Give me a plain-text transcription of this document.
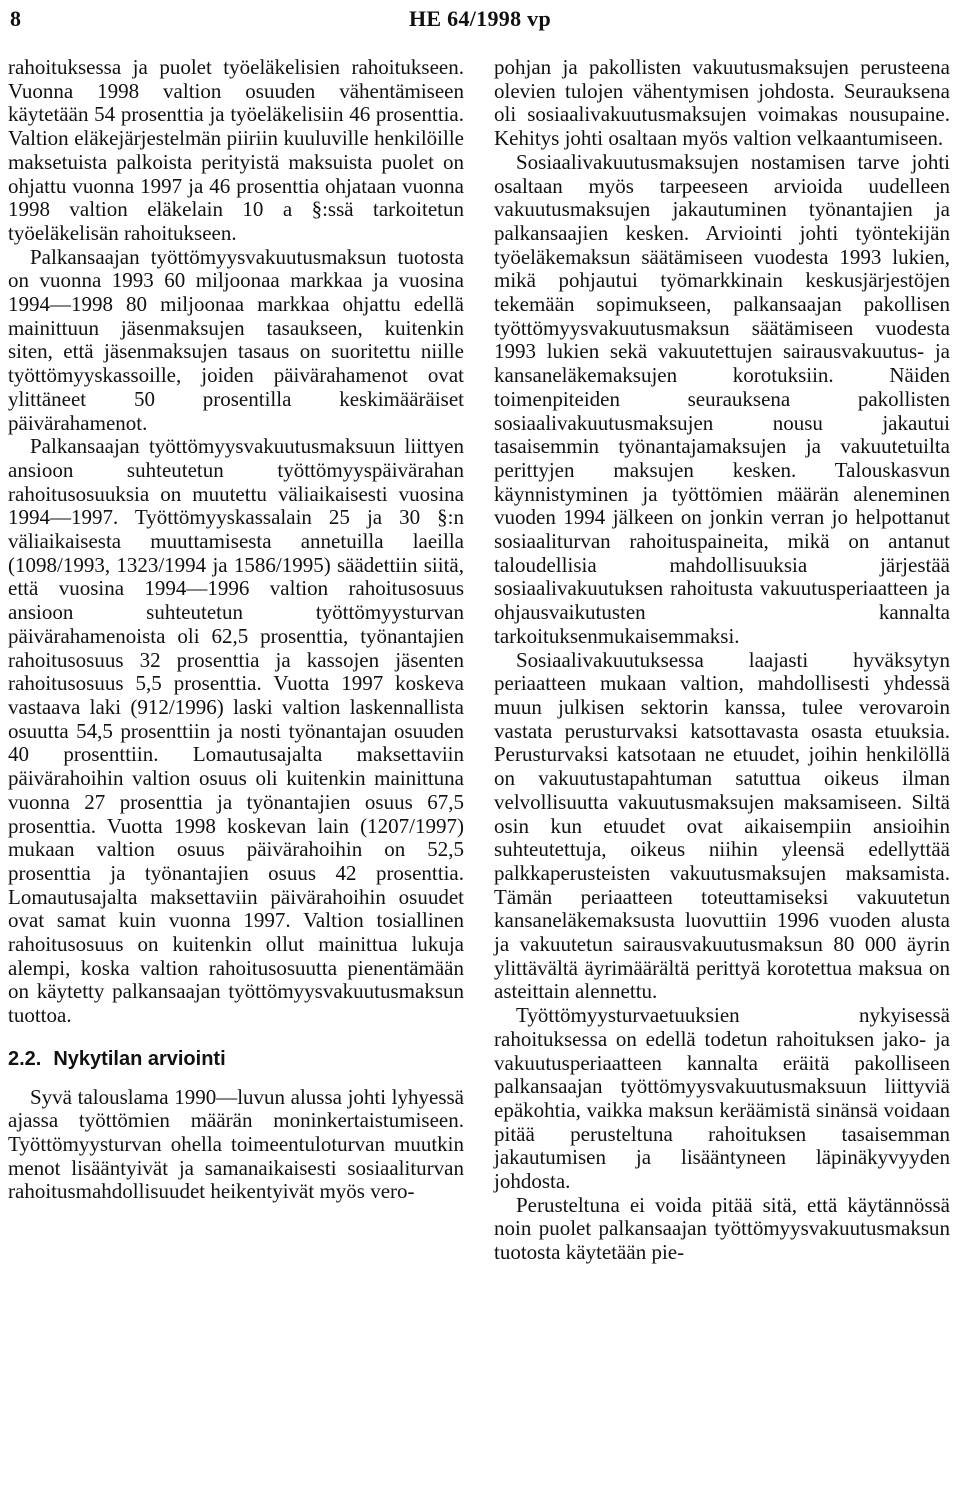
8	HE 64/1998 vp

rahoituksessa ja puolet työeläkelisien rahoitukseen. Vuonna 1998 valtion osuuden vähentämiseen käytetään 54 prosenttia ja työeläkelisiin 46 prosenttia. Valtion eläkejärjestelmän piiriin kuuluville henkilöille maksetuista palkoista perityistä maksuista puolet on ohjattu vuonna 1997 ja 46 prosenttia ohjataan vuonna 1998 valtion eläkelain 10 a §:ssä tarkoitetun työeläkelisän rahoitukseen.

Palkansaajan työttömyysvakuutusmaksun tuotosta on vuonna 1993 60 miljoonaa markkaa ja vuosina 1994—1998 80 miljoonaa markkaa ohjattu edellä mainittuun jäsenmaksujen tasaukseen, kuitenkin siten, että jäsenmaksujen tasaus on suoritettu niille työttömyyskassoille, joiden päivärahamenot ovat ylittäneet 50 prosentilla keskimääräiset päivärahamenot.

Palkansaajan työttömyysvakuutusmaksuun liittyen ansioon suhteutetun työttömyyspäivärahan rahoitusosuuksia on muutettu väliaikaisesti vuosina 1994—1997. Työttömyyskassalain 25 ja 30 §:n väliaikaisesta muuttamisesta annetuilla laeilla (1098/1993, 1323/1994 ja 1586/1995) säädettiin siitä, että vuosina 1994—1996 valtion rahoitusosuus ansioon suhteutetun työttömyysturvan päivärahamenoista oli 62,5 prosenttia, työnantajien rahoitusosuus 32 prosenttia ja kassojen jäsenten rahoitusosuus 5,5 prosenttia. Vuotta 1997 koskeva vastaava laki (912/1996) laski valtion laskennallista osuutta 54,5 prosenttiin ja nosti työnantajan osuuden 40 prosenttiin. Lomautusajalta maksettaviin päivärahoihin valtion osuus oli kuitenkin mainittuna vuonna 27 prosenttia ja työnantajien osuus 67,5 prosenttia. Vuotta 1998 koskevan lain (1207/1997) mukaan valtion osuus päivärahoihin on 52,5 prosenttia ja työnantajien osuus 42 prosenttia. Lomautusajalta maksettaviin päivärahoihin osuudet ovat samat kuin vuonna 1997. Valtion tosiallinen rahoitusosuus on kuitenkin ollut mainittua lukuja alempi, koska valtion rahoitusosuutta pienentämään on käytetty palkansaajan työttömyysvakuutusmaksun tuottoa.

2.2. Nykytilan arviointi

Syvä talouslama 1990—luvun alussa johti lyhyessä ajassa työttömien määrän moninkertaistumiseen. Työttömyysturvan ohella toimeentuloturvan muutkin menot lisääntyivät ja samanaikaisesti sosiaaliturvan rahoitusmahdollisuudet heikentyivät myös vero-

pohjan ja pakollisten vakuutusmaksujen perusteena olevien tulojen vähentymisen johdosta. Seurauksena oli sosiaalivakuutusmaksujen voimakas nousupaine. Kehitys johti osaltaan myös valtion velkaantumiseen.

Sosiaalivakuutusmaksujen nostamisen tarve johti osaltaan myös tarpeeseen arvioida uudelleen vakuutusmaksujen jakautuminen työnantajien ja palkansaajien kesken. Arviointi johti työntekijän työeläkemaksun säätämiseen vuodesta 1993 lukien, mikä pohjautui työmarkkinain keskusjärjestöjen tekemään sopimukseen, palkansaajan pakollisen työttömyysvakuutusmaksun säätämiseen vuodesta 1993 lukien sekä vakuutettujen sairausvakuutus- ja kansaneläkemaksujen korotuksiin. Näiden toimenpiteiden seurauksena pakollisten sosiaalivakuutusmaksujen nousu jakautui tasaisemmin työnantajamaksujen ja vakuutetuilta perittyjen maksujen kesken. Talouskasvun käynnistyminen ja työttömien määrän aleneminen vuoden 1994 jälkeen on jonkin verran jo helpottanut sosiaaliturvan rahoituspaineita, mikä on antanut taloudellisia mahdollisuuksia järjestää sosiaalivakuutuksen rahoitusta vakuutusperiaatteen ja ohjausvaikutusten kannalta tarkoituksenmukaisemmaksi.

Sosiaalivakuutuksessa laajasti hyväksytyn periaatteen mukaan valtion, mahdollisesti yhdessä muun julkisen sektorin kanssa, tulee verovaroin vastata perusturvaksi katsottavasta osasta etuuksia. Perusturvaksi katsotaan ne etuudet, joihin henkilöllä on vakuutustapahtuman satuttua oikeus ilman velvollisuutta vakuutusmaksujen maksamiseen. Siltä osin kun etuudet ovat aikaisempiin ansioihin suhteutettuja, oikeus niihin yleensä edellyttää palkkaperusteisten vakuutusmaksujen maksamista. Tämän periaatteen toteuttamiseksi vakuutetun kansaneläkemaksusta luovuttiin 1996 vuoden alusta ja vakuutetun sairausvakuutusmaksun 80 000 äyrin ylittävältä äyrimäärältä perittyä korotettua maksua on asteittain alennettu.

Työttömyysturvaetuuksien nykyisessä rahoituksessa on edellä todetun rahoituksen jako- ja vakuutusperiaatteen kannalta eräitä pakolliseen palkansaajan työttömyysvakuutusmaksuun liittyviä epäkohtia, vaikka maksun keräämistä sinänsä voidaan pitää perusteltuna rahoituksen tasaisemman jakautumisen ja lisääntyneen läpinäkyvyyden johdosta.

Perusteltuna ei voida pitää sitä, että käytännössä noin puolet palkansaajan työttömyysvakuutusmaksun tuotosta käytetään pie-
